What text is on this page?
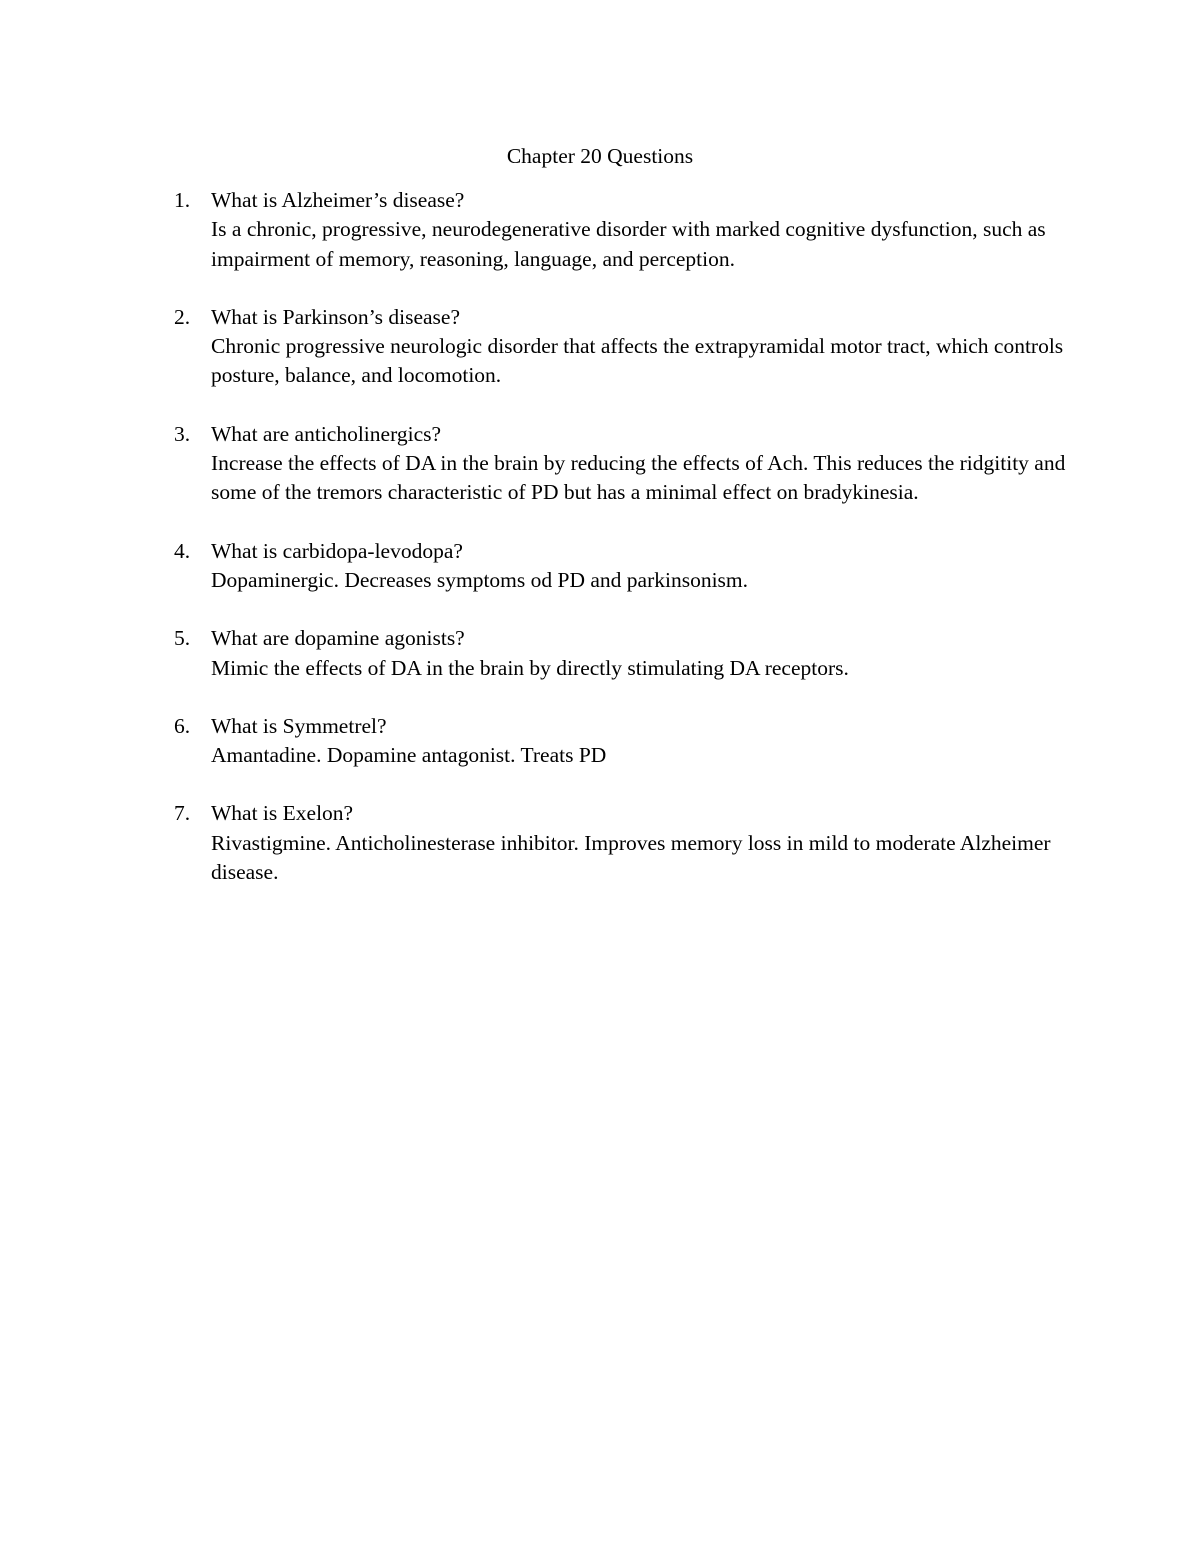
Chapter 20 Questions
1. What is Alzheimer’s disease?
Is a chronic, progressive, neurodegenerative disorder with marked cognitive dysfunction, such as impairment of memory, reasoning, language, and perception.
2. What is Parkinson’s disease?
Chronic progressive neurologic disorder that affects the extrapyramidal motor tract, which controls posture, balance, and locomotion.
3. What are anticholinergics?
Increase the effects of DA in the brain by reducing the effects of Ach. This reduces the ridgitity and some of the tremors characteristic of PD but has a minimal effect on bradykinesia.
4. What is carbidopa-levodopa?
Dopaminergic. Decreases symptoms od PD and parkinsonism.
5. What are dopamine agonists?
Mimic the effects of DA in the brain by directly stimulating DA receptors.
6. What is Symmetrel?
Amantadine. Dopamine antagonist. Treats PD
7. What is Exelon?
Rivastigmine. Anticholinesterase inhibitor. Improves memory loss in mild to moderate Alzheimer disease.
